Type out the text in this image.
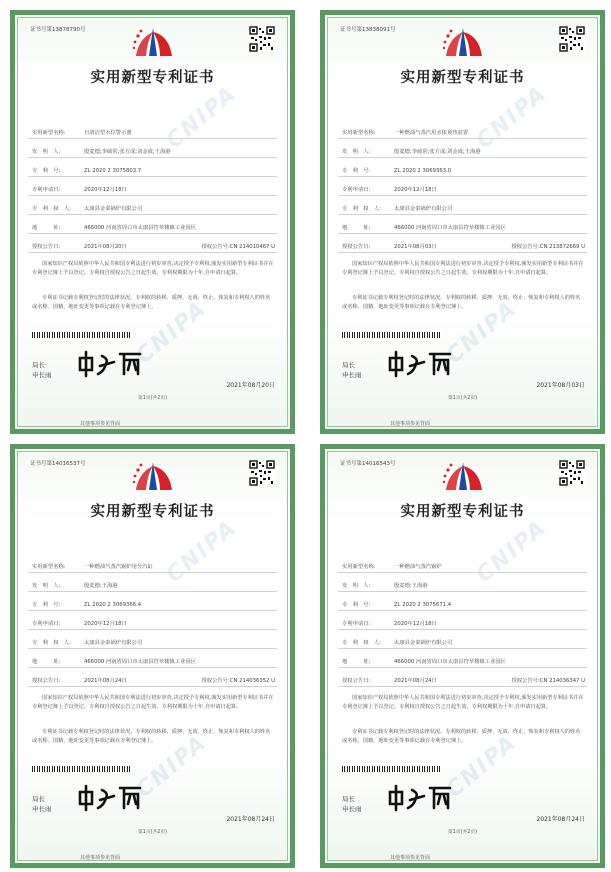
CNIPA
CNIPA
证书号第13878790号
实用新型专利证书
实用新型名称:	自清洁型水位警示器
发　明　人:	殷麦德;李硕常;张方成;刘金成;王海港
专　利　号:	ZL 2020 2 3075803.7
专利申请日:	2020年12月18日
专　利　权　人: 太康县金泰锅炉有限公司
地　　　址:	466000 河南省周口市太康县符草楼镇工业园区
授权公告日:	2021年08月20日	授权公告号:CN 214010467 U
国家知识产权局依照中华人民共和国专利法进行初步审查,决定授予专利权,颁发实用新型专利证书并在专利登记簿上予以登记。专利权自授权公告之日起生效。专利权期限为十年,自申请日起算。
专利证书记载专利权登记时的法律状况。专利权的转移、质押、无效、终止、恢复和专利权人的姓名或名称、国籍、地址变更等事项记载在专利登记簿上。
局长
申长雨
2021年08月20日
第1页(共2页)
其他事项参见背面
CNIPA
CNIPA
证书号第13838091号
实用新型专利证书
实用新型名称:	一种燃油气蒸汽用水体预热装置
发　明　人:	殷麦德;李硕常;张方成;刘金成;王海港
专　利　号:	ZL 2020 2 3069363.0
专利申请日:	2020年12月18日
专　利　权　人: 太康县金泰锅炉有限公司
地　　　址:	466000 河南省周口市太康县符草楼镇工业园区
授权公告日:	2021年08月03日	授权公告号:CN 213872669 U
国家知识产权局依照中华人民共和国专利法进行初步审查,决定授予专利权,颁发实用新型专利证书并在专利登记簿上予以登记。专利权自授权公告之日起生效。专利权期限为十年,自申请日起算。
专利证书记载专利权登记时的法律状况。专利权的转移、质押、无效、终止、恢复和专利权人的姓名或名称、国籍、地址变更等事项记载在专利登记簿上。
局长
申长雨
2021年08月03日
第1页(共2页)
其他事项参见背面
CNIPA
CNIPA
证书号第14016537号
实用新型专利证书
实用新型名称:	一种燃油气蒸汽锅炉用分汽缸
发　明　人:	殷麦德;王海港
专　利　号:	ZL 2020 2 3069366.4
专利申请日:	2020年12月18日
专　利　权　人: 太康县金泰锅炉有限公司
地　　　址:	466000 河南省周口市太康县符草楼镇工业园区
授权公告日:	2021年08月24日	授权公告号:CN 214036352 U
国家知识产权局依照中华人民共和国专利法进行初步审查,决定授予专利权,颁发实用新型专利证书并在专利登记簿上予以登记。专利权自授权公告之日起生效。专利权期限为十年,自申请日起算。
专利证书记载专利权登记时的法律状况。专利权的转移、质押、无效、终止、恢复和专利权人的姓名或名称、国籍、地址变更等事项记载在专利登记簿上。
局长
申长雨
2021年08月24日
第1页(共2页)
其他事项参见背面
CNIPA
CNIPA
证书号第14016543号
实用新型专利证书
实用新型名称:	一种燃油气蒸汽锅炉
发　明　人:	殷麦德;王海港
专　利　号:	ZL 2020 2 3075671.4
专利申请日:	2020年12月18日
专　利　权　人: 太康县金泰锅炉有限公司
地　　　址:	466000 河南省周口市太康县符草楼镇工业园区
授权公告日:	2021年08月24日	授权公告号:CN 214036347 U
国家知识产权局依照中华人民共和国专利法进行初步审查,决定授予专利权,颁发实用新型专利证书并在专利登记簿上予以登记。专利权自授权公告之日起生效。专利权期限为十年,自申请日起算。
专利证书记载专利权登记时的法律状况。专利权的转移、质押、无效、终止、恢复和专利权人的姓名或名称、国籍、地址变更等事项记载在专利登记簿上。
局长
申长雨
2021年08月24日
第1页(共2页)
其他事项参见背面
